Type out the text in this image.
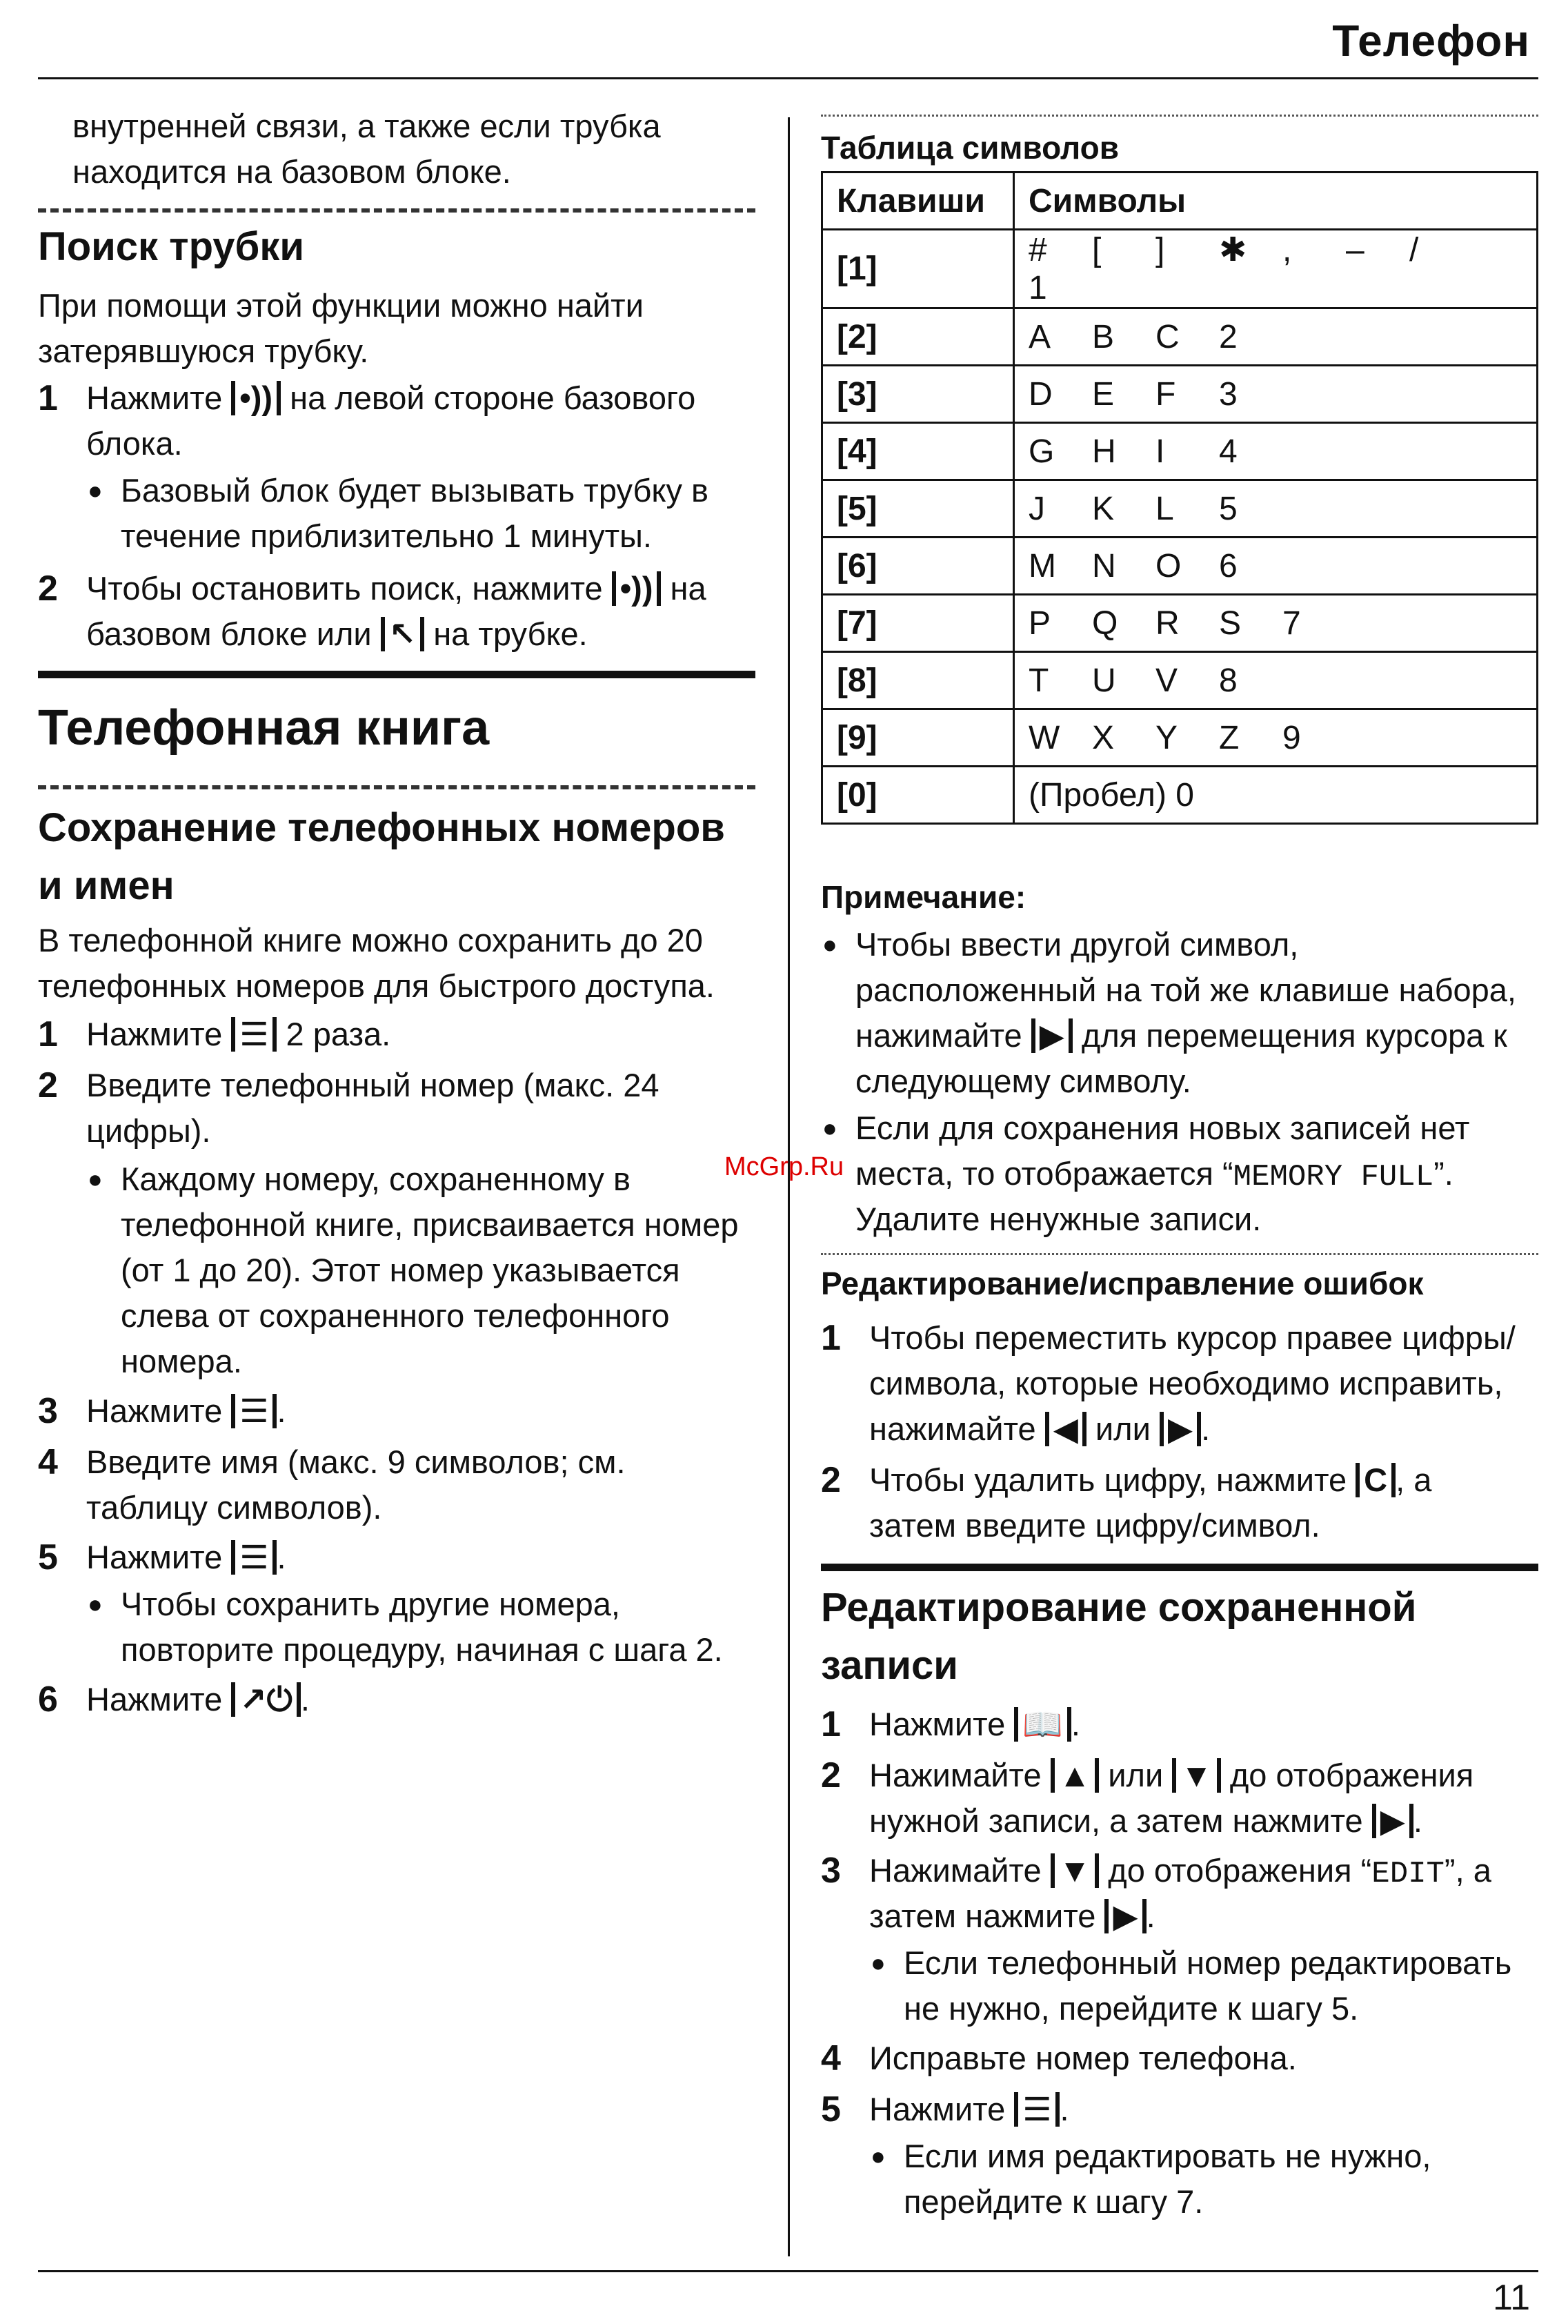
Телефон
внутренней связи, а также если трубка
находится на базовом блоке.
Поиск трубки
При помощи этой функции можно найти
затерявшуюся трубку.
1 Нажмите •)) на левой стороне базового
блока.
● Базовый блок будет вызывать трубку в
течение приблизительно 1 минуты.
2 Чтобы остановить поиск, нажмите •)) на
базовом блоке или ↖ на трубке.
Телефонная книга
Сохранение телефонных номеров
и имен
В телефонной книге можно сохранить до 20
телефонных номеров для быстрого доступа.
1 Нажмите ☰ 2 раза.
2 Введите телефонный номер (макс. 24
цифры).
● Каждому номеру, сохраненному в
телефонной книге, присваивается номер
(от 1 до 20). Этот номер указывается
слева от сохраненного телефонного
номера.
3 Нажмите ☰ .
4 Введите имя (макс. 9 символов; см.
таблицу символов).
5 Нажмите ☰ .
● Чтобы сохранить другие номера,
повторите процедуру, начиная с шага 2.
6 Нажмите ↗⏻ .
Таблица символов
Клавиши	Символы
[1]	# [ ] ✱ , – /1
[2]	A B C 2
[3]	D E F 3
[4]	G H I 4
[5]	J K L 5
[6]	M N O 6
[7]	P Q R S 7
[8]	T U V 8
[9]	W X Y Z 9
[0]	(Пробел) 0
Примечание:
● Чтобы ввести другой символ,
расположенный на той же клавише набора,
нажимайте ▶ для перемещения курсора к
следующему символу.
● Если для сохранения новых записей нет
места, то отображается “MEMORY FULL”.
Удалите ненужные записи.
Редактирование/исправление ошибок
1 Чтобы переместить курсор правее цифры/
символа, которые необходимо исправить,
нажимайте ◀ или ▶ .
2 Чтобы удалить цифру, нажмите C , а
затем введите цифру/символ.
Редактирование сохраненной
записи
1 Нажмите 📖 .
2 Нажимайте ▲ или ▼ до отображения
нужной записи, а затем нажмите ▶ .
3 Нажимайте ▼ до отображения “EDIT”, а
затем нажмите ▶ .
● Если телефонный номер редактировать
не нужно, перейдите к шагу 5.
4 Исправьте номер телефона.
5 Нажмите ☰ .
● Если имя редактировать не нужно,
перейдите к шагу 7.
McGrp.Ru
11
